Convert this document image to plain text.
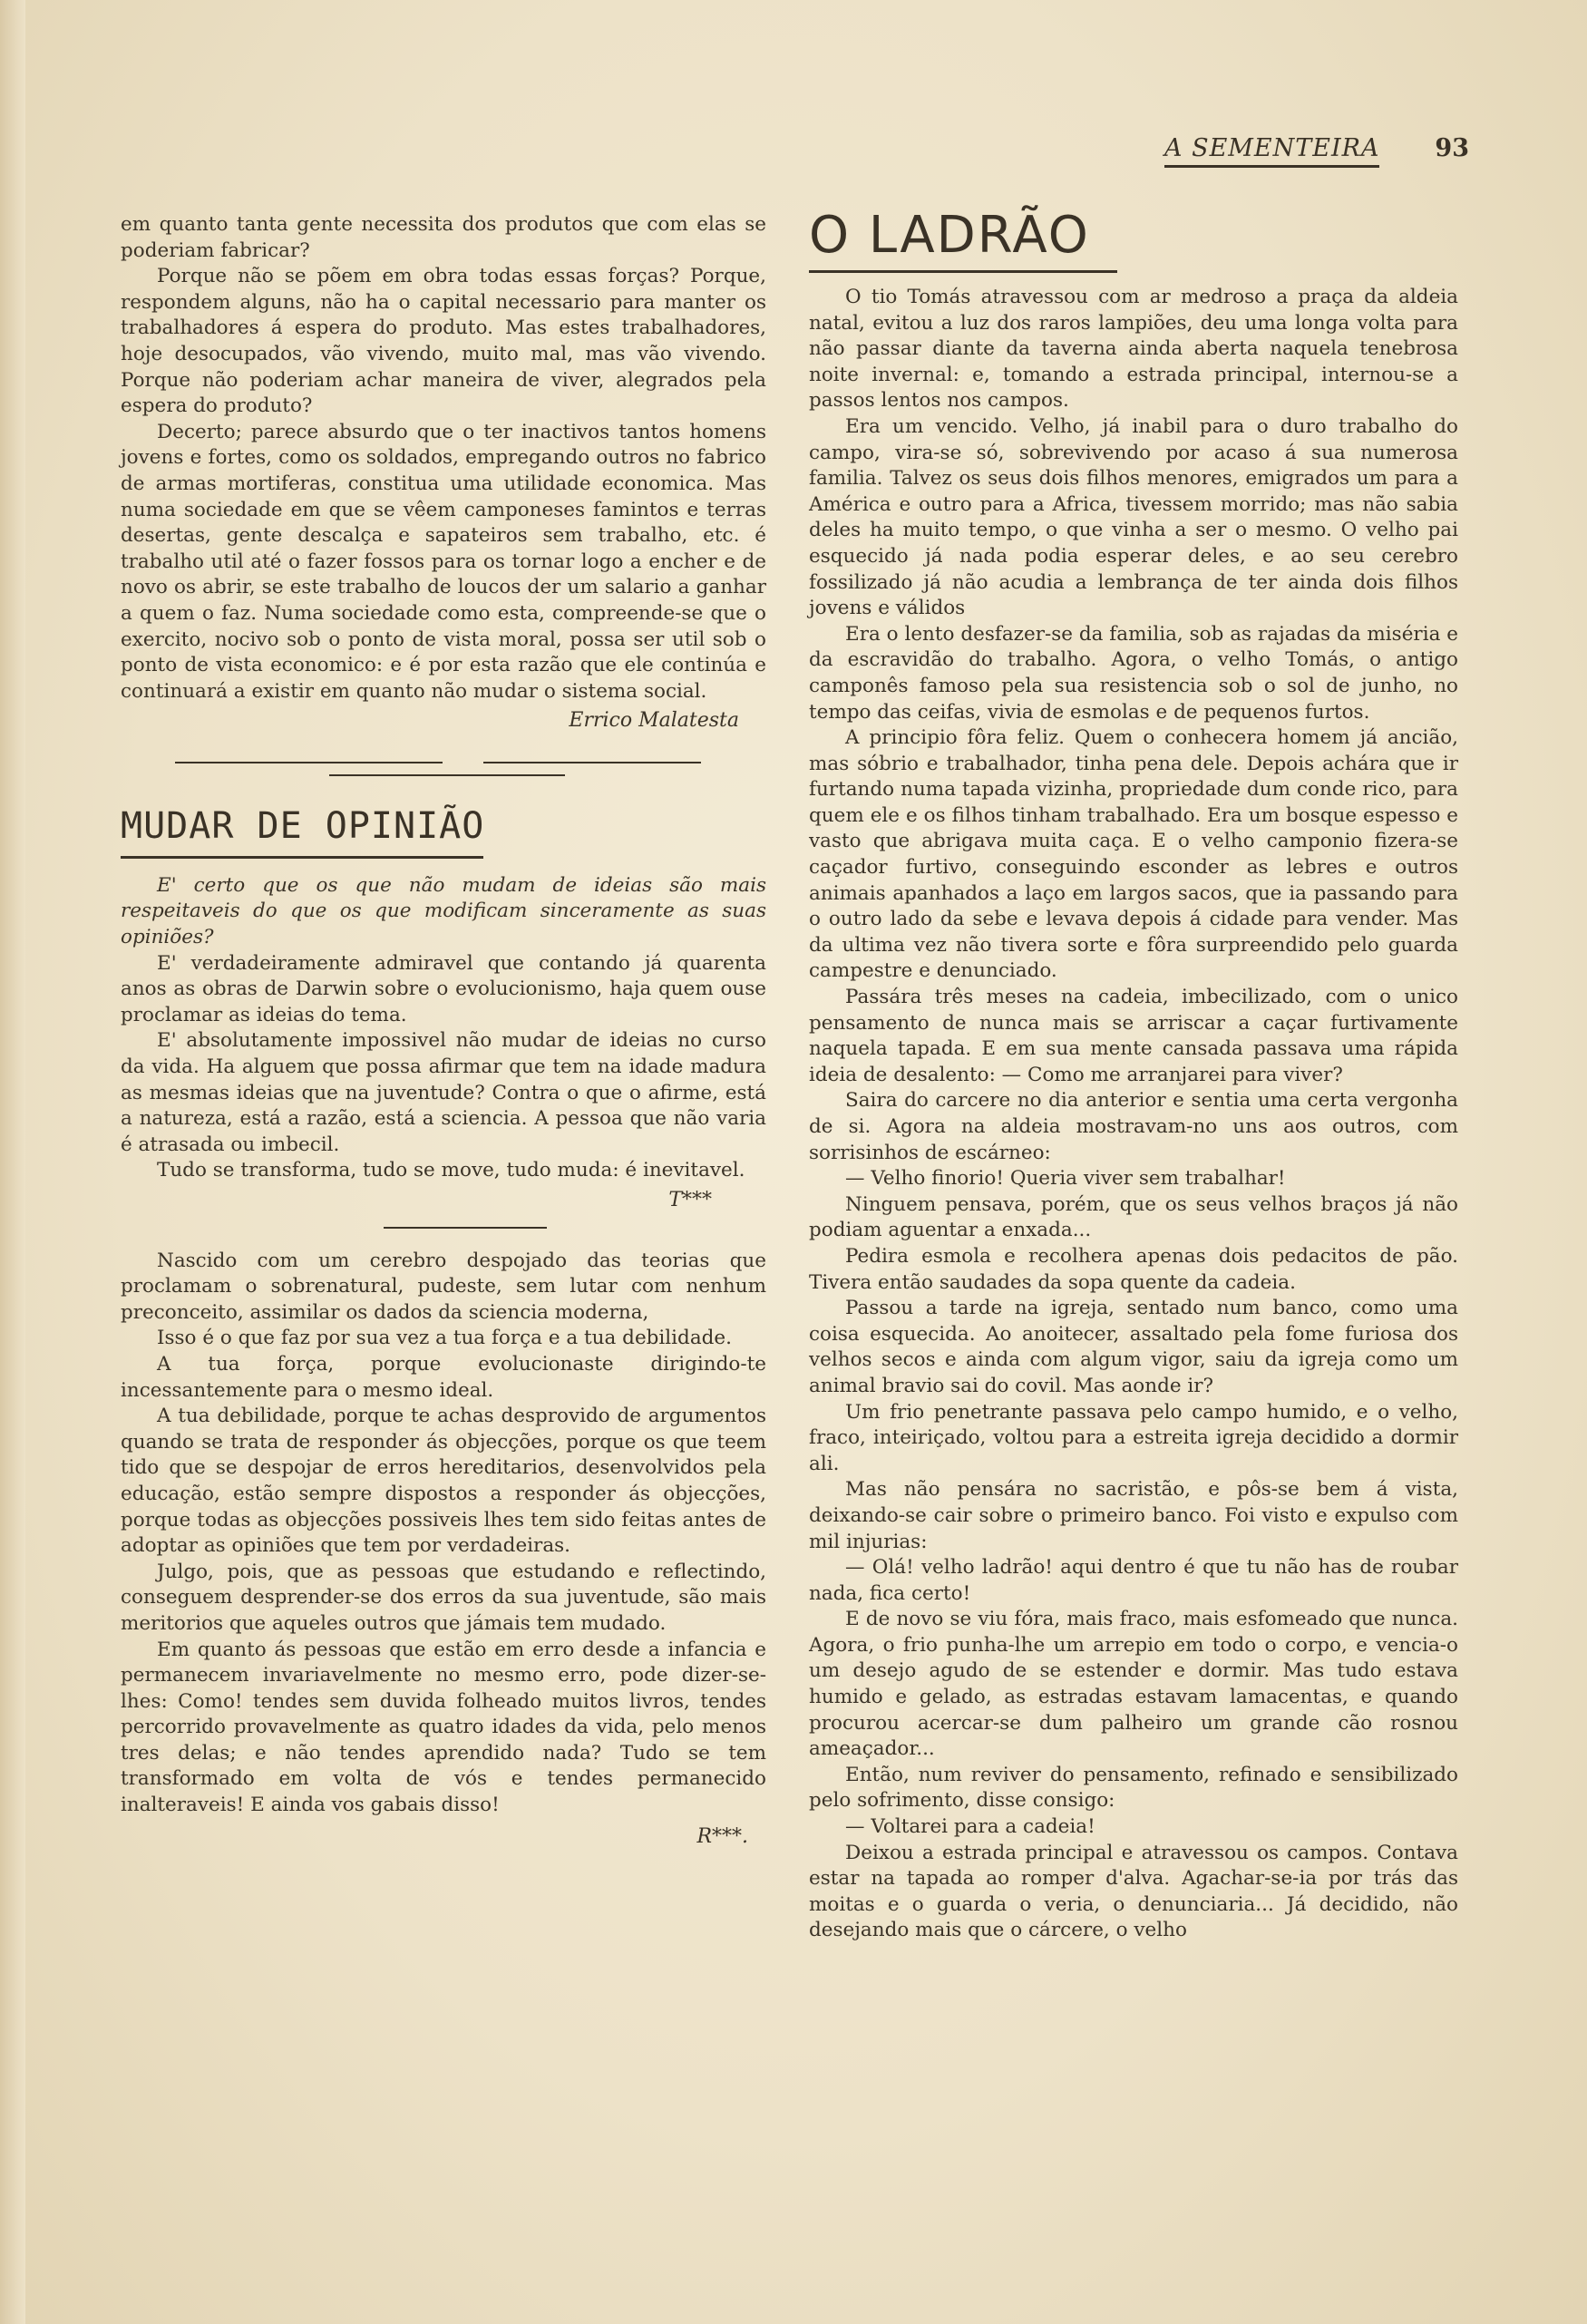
A SEMENTEIRA 93

em quanto tanta gente necessita dos produtos que com elas se poderiam fabricar?

Porque não se põem em obra todas essas forças? Porque, respondem alguns, não ha o capital necessario para manter os trabalhadores á espera do produto. Mas estes trabalhadores, hoje desocupados, vão vivendo, muito mal, mas vão vivendo. Porque não poderiam achar maneira de viver, alegrados pela espera do produto?

Decerto; parece absurdo que o ter inactivos tantos homens jovens e fortes, como os soldados, empregando outros no fabrico de armas mortiferas, constitua uma utilidade economica. Mas numa sociedade em que se vêem camponeses famintos e terras desertas, gente descalça e sapateiros sem trabalho, etc. é trabalho util até o fazer fossos para os tornar logo a encher e de novo os abrir, se este trabalho de loucos der um salario a ganhar a quem o faz. Numa sociedade como esta, compreende-se que o exercito, nocivo sob o ponto de vista moral, possa ser util sob o ponto de vista economico: e é por esta razão que ele continúa e continuará a existir em quanto não mudar o sistema social.

Errico Malatesta

MUDAR DE OPINIÃO

E' certo que os que não mudam de ideias são mais respeitaveis do que os que modificam sinceramente as suas opiniões?

E' verdadeiramente admiravel que contando já quarenta anos as obras de Darwin sobre o evolucionismo, haja quem ouse proclamar as ideias do tema.

E' absolutamente impossivel não mudar de ideias no curso da vida. Ha alguem que possa afirmar que tem na idade madura as mesmas ideias que na juventude? Contra o que o afirme, está a natureza, está a razão, está a sciencia. A pessoa que não varia é atrasada ou imbecil.

Tudo se transforma, tudo se move, tudo muda: é inevitavel.

T***

Nascido com um cerebro despojado das teorias que proclamam o sobrenatural, pudeste, sem lutar com nenhum preconceito, assimilar os dados da sciencia moderna,

Isso é o que faz por sua vez a tua força e a tua debilidade.

A tua força, porque evolucionaste dirigindo-te incessantemente para o mesmo ideal.

A tua debilidade, porque te achas desprovido de argumentos quando se trata de responder ás objecções, porque os que teem tido que se despojar de erros hereditarios, desenvolvidos pela educação, estão sempre dispostos a responder ás objecções, porque todas as objecções possiveis lhes tem sido feitas antes de adoptar as opiniões que tem por verdadeiras.

Julgo, pois, que as pessoas que estudando e reflectindo, conseguem desprender-se dos erros da sua juventude, são mais meritorios que aqueles outros que jámais tem mudado.

Em quanto ás pessoas que estão em erro desde a infancia e permanecem invariavelmente no mesmo erro, pode dizer-se-lhes: Como! tendes sem duvida folheado muitos livros, tendes percorrido provavelmente as quatro idades da vida, pelo menos tres delas; e não tendes aprendido nada? Tudo se tem transformado em volta de vós e tendes permanecido inalteraveis! E ainda vos gabais disso!

R***.

O LADRÃO

O tio Tomás atravessou com ar medroso a praça da aldeia natal, evitou a luz dos raros lampiões, deu uma longa volta para não passar diante da taverna ainda aberta naquela tenebrosa noite invernal: e, tomando a estrada principal, internou-se a passos lentos nos campos.

Era um vencido. Velho, já inabil para o duro trabalho do campo, vira-se só, sobrevivendo por acaso á sua numerosa familia. Talvez os seus dois filhos menores, emigrados um para a América e outro para a Africa, tivessem morrido; mas não sabia deles ha muito tempo, o que vinha a ser o mesmo. O velho pai esquecido já nada podia esperar deles, e ao seu cerebro fossilizado já não acudia a lembrança de ter ainda dois filhos jovens e válidos

Era o lento desfazer-se da familia, sob as rajadas da miséria e da escravidão do trabalho. Agora, o velho Tomás, o antigo camponês famoso pela sua resistencia sob o sol de junho, no tempo das ceifas, vivia de esmolas e de pequenos furtos.

A principio fôra feliz. Quem o conhecera homem já ancião, mas sóbrio e trabalhador, tinha pena dele. Depois achára que ir furtando numa tapada vizinha, propriedade dum conde rico, para quem ele e os filhos tinham trabalhado. Era um bosque espesso e vasto que abrigava muita caça. E o velho camponio fizera-se caçador furtivo, conseguindo esconder as lebres e outros animais apanhados a laço em largos sacos, que ia passando para o outro lado da sebe e levava depois á cidade para vender. Mas da ultima vez não tivera sorte e fôra surpreendido pelo guarda campestre e denunciado.

Passára três meses na cadeia, imbecilizado, com o unico pensamento de nunca mais se arriscar a caçar furtivamente naquela tapada. E em sua mente cansada passava uma rápida ideia de desalento: — Como me arranjarei para viver?

Saira do carcere no dia anterior e sentia uma certa vergonha de si. Agora na aldeia mostravam-no uns aos outros, com sorrisinhos de escárneo:

— Velho finorio! Queria viver sem trabalhar!

Ninguem pensava, porém, que os seus velhos braços já não podiam aguentar a enxada...

Pedira esmola e recolhera apenas dois pedacitos de pão. Tivera então saudades da sopa quente da cadeia.

Passou a tarde na igreja, sentado num banco, como uma coisa esquecida. Ao anoitecer, assaltado pela fome furiosa dos velhos secos e ainda com algum vigor, saiu da igreja como um animal bravio sai do covil. Mas aonde ir?

Um frio penetrante passava pelo campo humido, e o velho, fraco, inteiriçado, voltou para a estreita igreja decidido a dormir ali.

Mas não pensára no sacristão, e pôs-se bem á vista, deixando-se cair sobre o primeiro banco. Foi visto e expulso com mil injurias:

— Olá! velho ladrão! aqui dentro é que tu não has de roubar nada, fica certo!

E de novo se viu fóra, mais fraco, mais esfomeado que nunca. Agora, o frio punha-lhe um arrepio em todo o corpo, e vencia-o um desejo agudo de se estender e dormir. Mas tudo estava humido e gelado, as estradas estavam lamacentas, e quando procurou acercar-se dum palheiro um grande cão rosnou ameaçador...

Então, num reviver do pensamento, refinado e sensibilizado pelo sofrimento, disse consigo:

— Voltarei para a cadeia!

Deixou a estrada principal e atravessou os campos. Contava estar na tapada ao romper d'alva. Agachar-se-ia por trás das moitas e o guarda o veria, o denunciaria... Já decidido, não desejando mais que o cárcere, o velho
